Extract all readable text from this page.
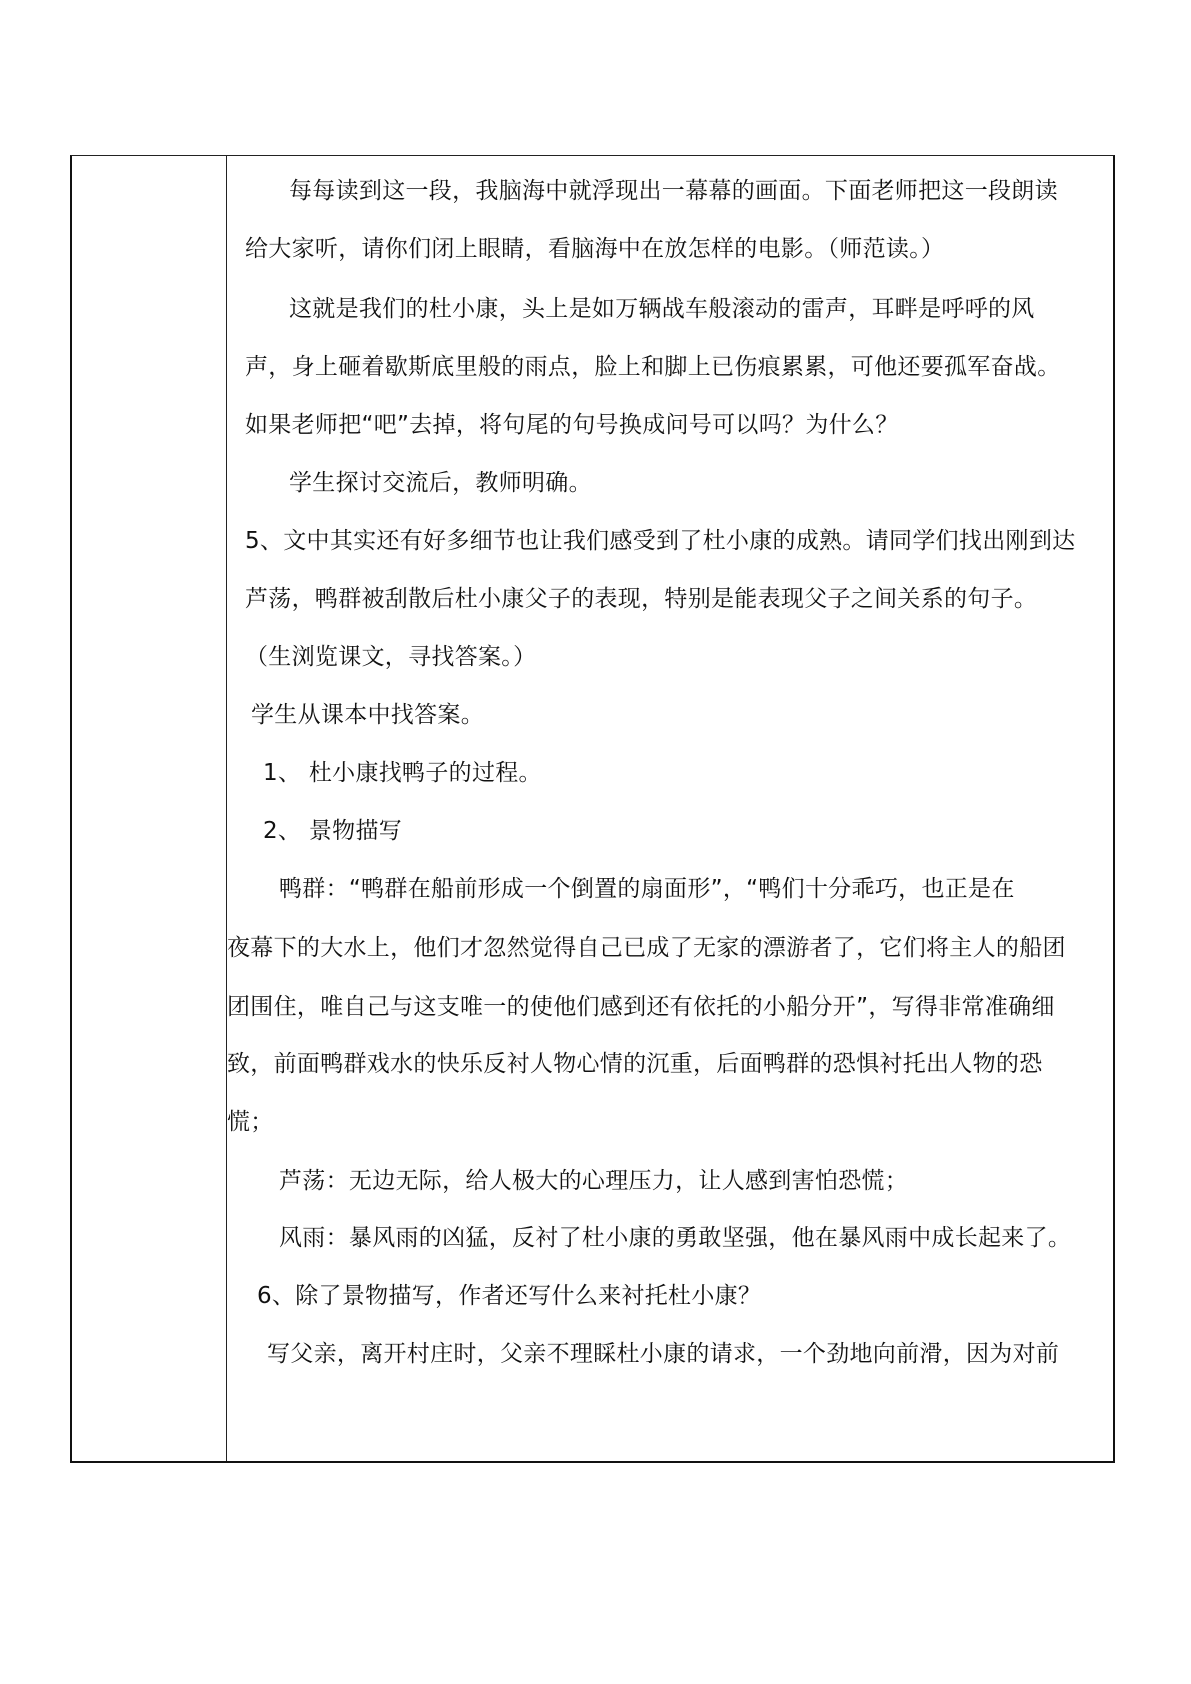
每每读到这一段，我脑海中就浮现出一幕幕的画面。下面老师把这一段朗读

给大家听，请你们闭上眼睛，看脑海中在放怎样的电影。（师范读。）

这就是我们的杜小康，头上是如万辆战车般滚动的雷声，耳畔是呼呼的风

声，身上砸着歇斯底里般的雨点，脸上和脚上已伤痕累累，可他还要孤军奋战。

如果老师把“吧”去掉，将句尾的句号换成问号可以吗？为什么？

学生探讨交流后，教师明确。

5、文中其实还有好多细节也让我们感受到了杜小康的成熟。请同学们找出刚到达

芦荡，鸭群被刮散后杜小康父子的表现，特别是能表现父子之间关系的句子。

（生浏览课文，寻找答案。）

学生从课本中找答案。

1、 杜小康找鸭子的过程。

2、 景物描写

鸭群：“鸭群在船前形成一个倒置的扇面形”，“鸭们十分乖巧，也正是在

夜幕下的大水上，他们才忽然觉得自己已成了无家的漂游者了，它们将主人的船团

团围住，唯自己与这支唯一的使他们感到还有依托的小船分开”，写得非常准确细

致，前面鸭群戏水的快乐反衬人物心情的沉重，后面鸭群的恐惧衬托出人物的恐

慌；

芦荡：无边无际，给人极大的心理压力，让人感到害怕恐慌；

风雨：暴风雨的凶猛，反衬了杜小康的勇敢坚强，他在暴风雨中成长起来了。

6、除了景物描写，作者还写什么来衬托杜小康？

写父亲，离开村庄时，父亲不理睬杜小康的请求，一个劲地向前滑，因为对前
